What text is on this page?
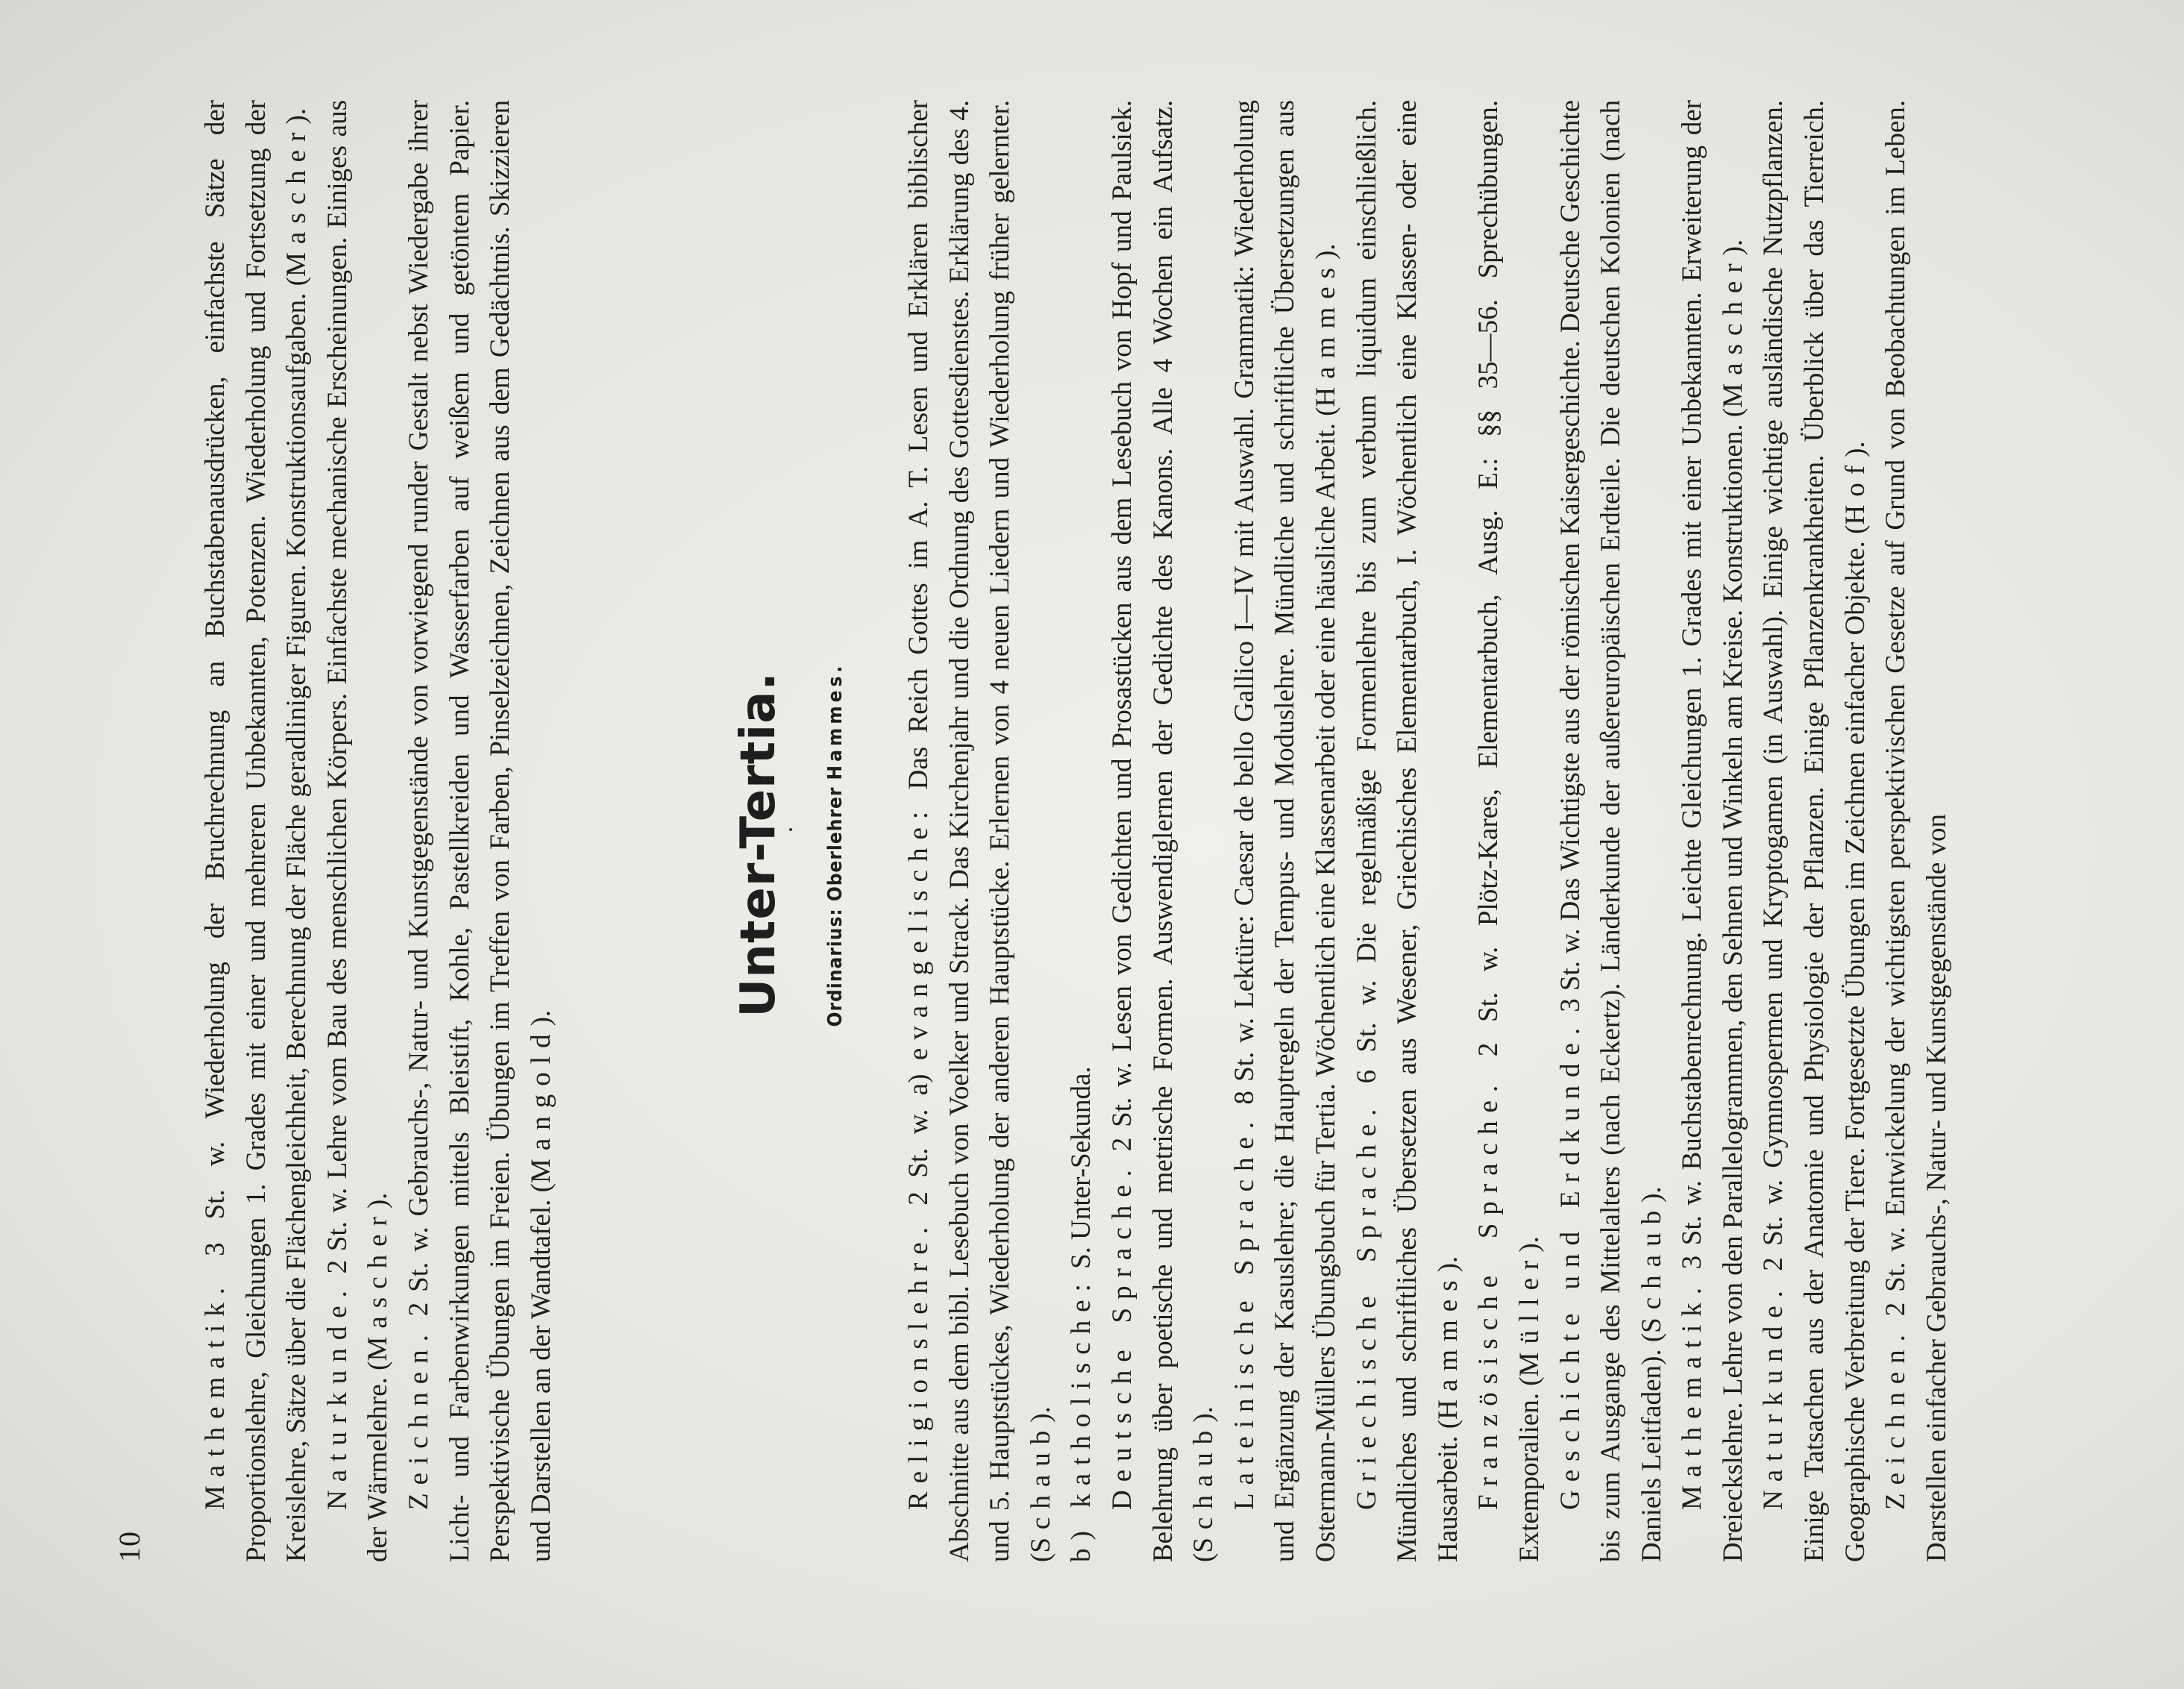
10

Mathematik. 3 St. w. Wiederholung der Bruchrechnung an Buchstabenausdrücken, einfachste Sätze der Proportionslehre, Gleichungen 1. Grades mit einer und mehreren Unbekannten, Potenzen. Wiederholung und Fortsetzung der Kreislehre, Sätze über die Flächengleichheit, Berechnung der Fläche geradliniger Figuren. Konstruktionsaufgaben. (Mascher).

Naturkunde. 2 St. w. Lehre vom Bau des menschlichen Körpers. Einfachste mechanische Erscheinungen. Einiges aus der Wärmelehre. (Mascher).

Zeichnen. 2 St. w. Gebrauchs-, Natur- und Kunstgegenstände von vorwiegend runder Gestalt nebst Wiedergabe ihrer Licht- und Farbenwirkungen mittels Bleistift, Kohle, Pastellkreiden und Wasserfarben auf weißem und getöntem Papier. Perspektivische Übungen im Freien. Übungen im Treffen von Farben, Pinselzeichnen, Zeichnen aus dem Gedächtnis. Skizzieren und Darstellen an der Wandtafel. (Mangold).

Unter-Tertia. Ordinarius: Oberlehrer Hammes.

Religionslehre. 2 St. w. a) evangelische: Das Reich Gottes im A. T. Lesen und Erklären biblischer Abschnitte aus dem bibl. Lesebuch von Voelker und Strack. Das Kirchenjahr und die Ordnung des Gottesdienstes. Erklärung des 4. und 5. Hauptstückes, Wiederholung der anderen Hauptstücke. Erlernen von 4 neuen Liedern und Wiederholung früher gelernter. (Schaub). b) katholische: S. Unter-Sekunda. Deutsche Sprache. 2 St. w. Lesen von Gedichten und Prosastücken aus dem Lesebuch von Hopf und Paulsiek. Belehrung über poetische und metrische Formen. Auswendiglernen der Gedichte des Kanons. Alle 4 Wochen ein Aufsatz. (Schaub). Lateinische Sprache. 8 St. w. Lektüre: Caesar de bello Gallico I—IV mit Auswahl. Grammatik: Wiederholung und Ergänzung der Kasuslehre; die Hauptregeln der Tempus- und Moduslehre. Mündliche und schriftliche Übersetzungen aus Ostermann-Müllers Übungsbuch für Tertia. Wöchentlich eine Klassenarbeit oder eine häusliche Arbeit. (Hammes).

Griechische Sprache. 6 St. w. Die regelmäßige Formenlehre bis zum verbum liquidum einschließlich. Mündliches und schriftliches Übersetzen aus Wesener, Griechisches Elementarbuch, I. Wöchentlich eine Klassen- oder eine Hausarbeit. (Hammes). Französische Sprache. 2 St. w. Plötz-Kares, Elementarbuch, Ausg. E.: §§ 35—56. Sprechübungen. Extemporalien. (Müller). Geschichte und Erdkunde. 3 St. w. Das Wichtigste aus der römischen Kaisergeschichte. Deutsche Geschichte bis zum Ausgange des Mittelalters (nach Eckertz). Länderkunde der außereuropäischen Erdteile. Die deutschen Kolonien (nach Daniels Leitfaden). (Schaub).

Mathematik. 3 St. w. Buchstabenrechnung. Leichte Gleichungen 1. Grades mit einer Unbekannten. Erweiterung der Dreieckslehre. Lehre von den Parallelogrammen, den Sehnen und Winkeln am Kreise. Konstruktionen. (Mascher).

Naturkunde. 2 St. w. Gymnospermen und Kryptogamen (in Auswahl). Einige wichtige ausländische Nutzpflanzen. Einige Tatsachen aus der Anatomie und Physiologie der Pflanzen. Einige Pflanzenkrankheiten. Überblick über das Tierreich. Geographische Verbreitung der Tiere. Fortgesetzte Übungen im Zeichnen einfacher Objekte. (Hof).

Zeichnen. 2 St. w. Entwickelung der wichtigsten perspektivischen Gesetze auf Grund von Beobachtungen im Leben. Darstellen einfacher Gebrauchs-, Natur- und Kunstgegenstände von
